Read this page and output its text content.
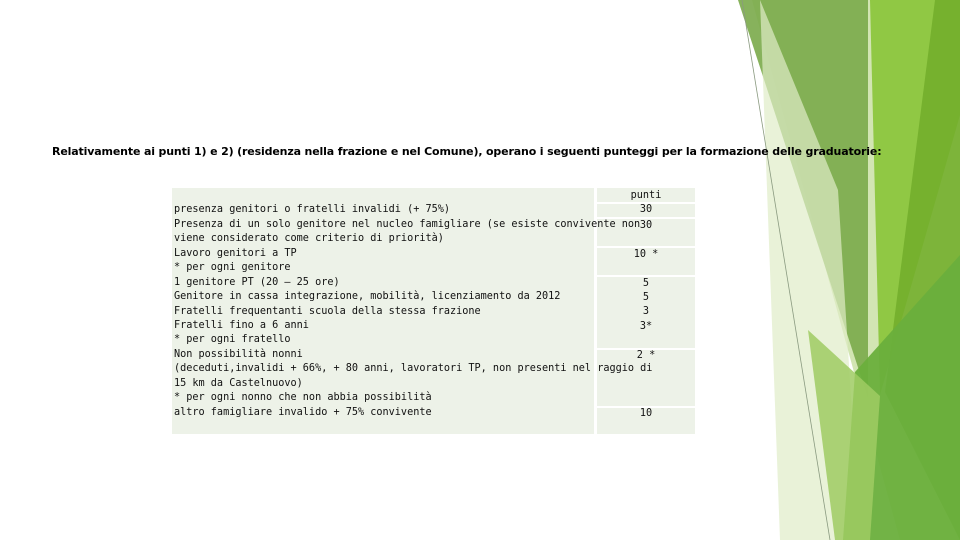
Relativamente ai punti 1) e 2) (residenza nella frazione e nel Comune), operano i seguenti punteggi per la formazione delle graduatorie:
presenza genitori o fratelli invalidi (+ 75%)
Presenza di un solo genitore nel nucleo famigliare (se esiste convivente non
viene considerato come criterio di priorità)
Lavoro genitori a TP
* per ogni genitore
1 genitore PT (20 – 25 ore)
Genitore in cassa integrazione, mobilità, licenziamento da 2012
Fratelli frequentanti scuola della stessa frazione
Fratelli fino a 6 anni
* per ogni fratello
Non possibilità nonni
(deceduti,invalidi + 66%, + 80 anni, lavoratori TP, non presenti nel raggio di
15 km da Castelnuovo)
* per ogni nonno che non abbia possibilità
altro famigliare invalido + 75% convivente
punti
30
30
10 *
5
5
3
3*
2 *
10
